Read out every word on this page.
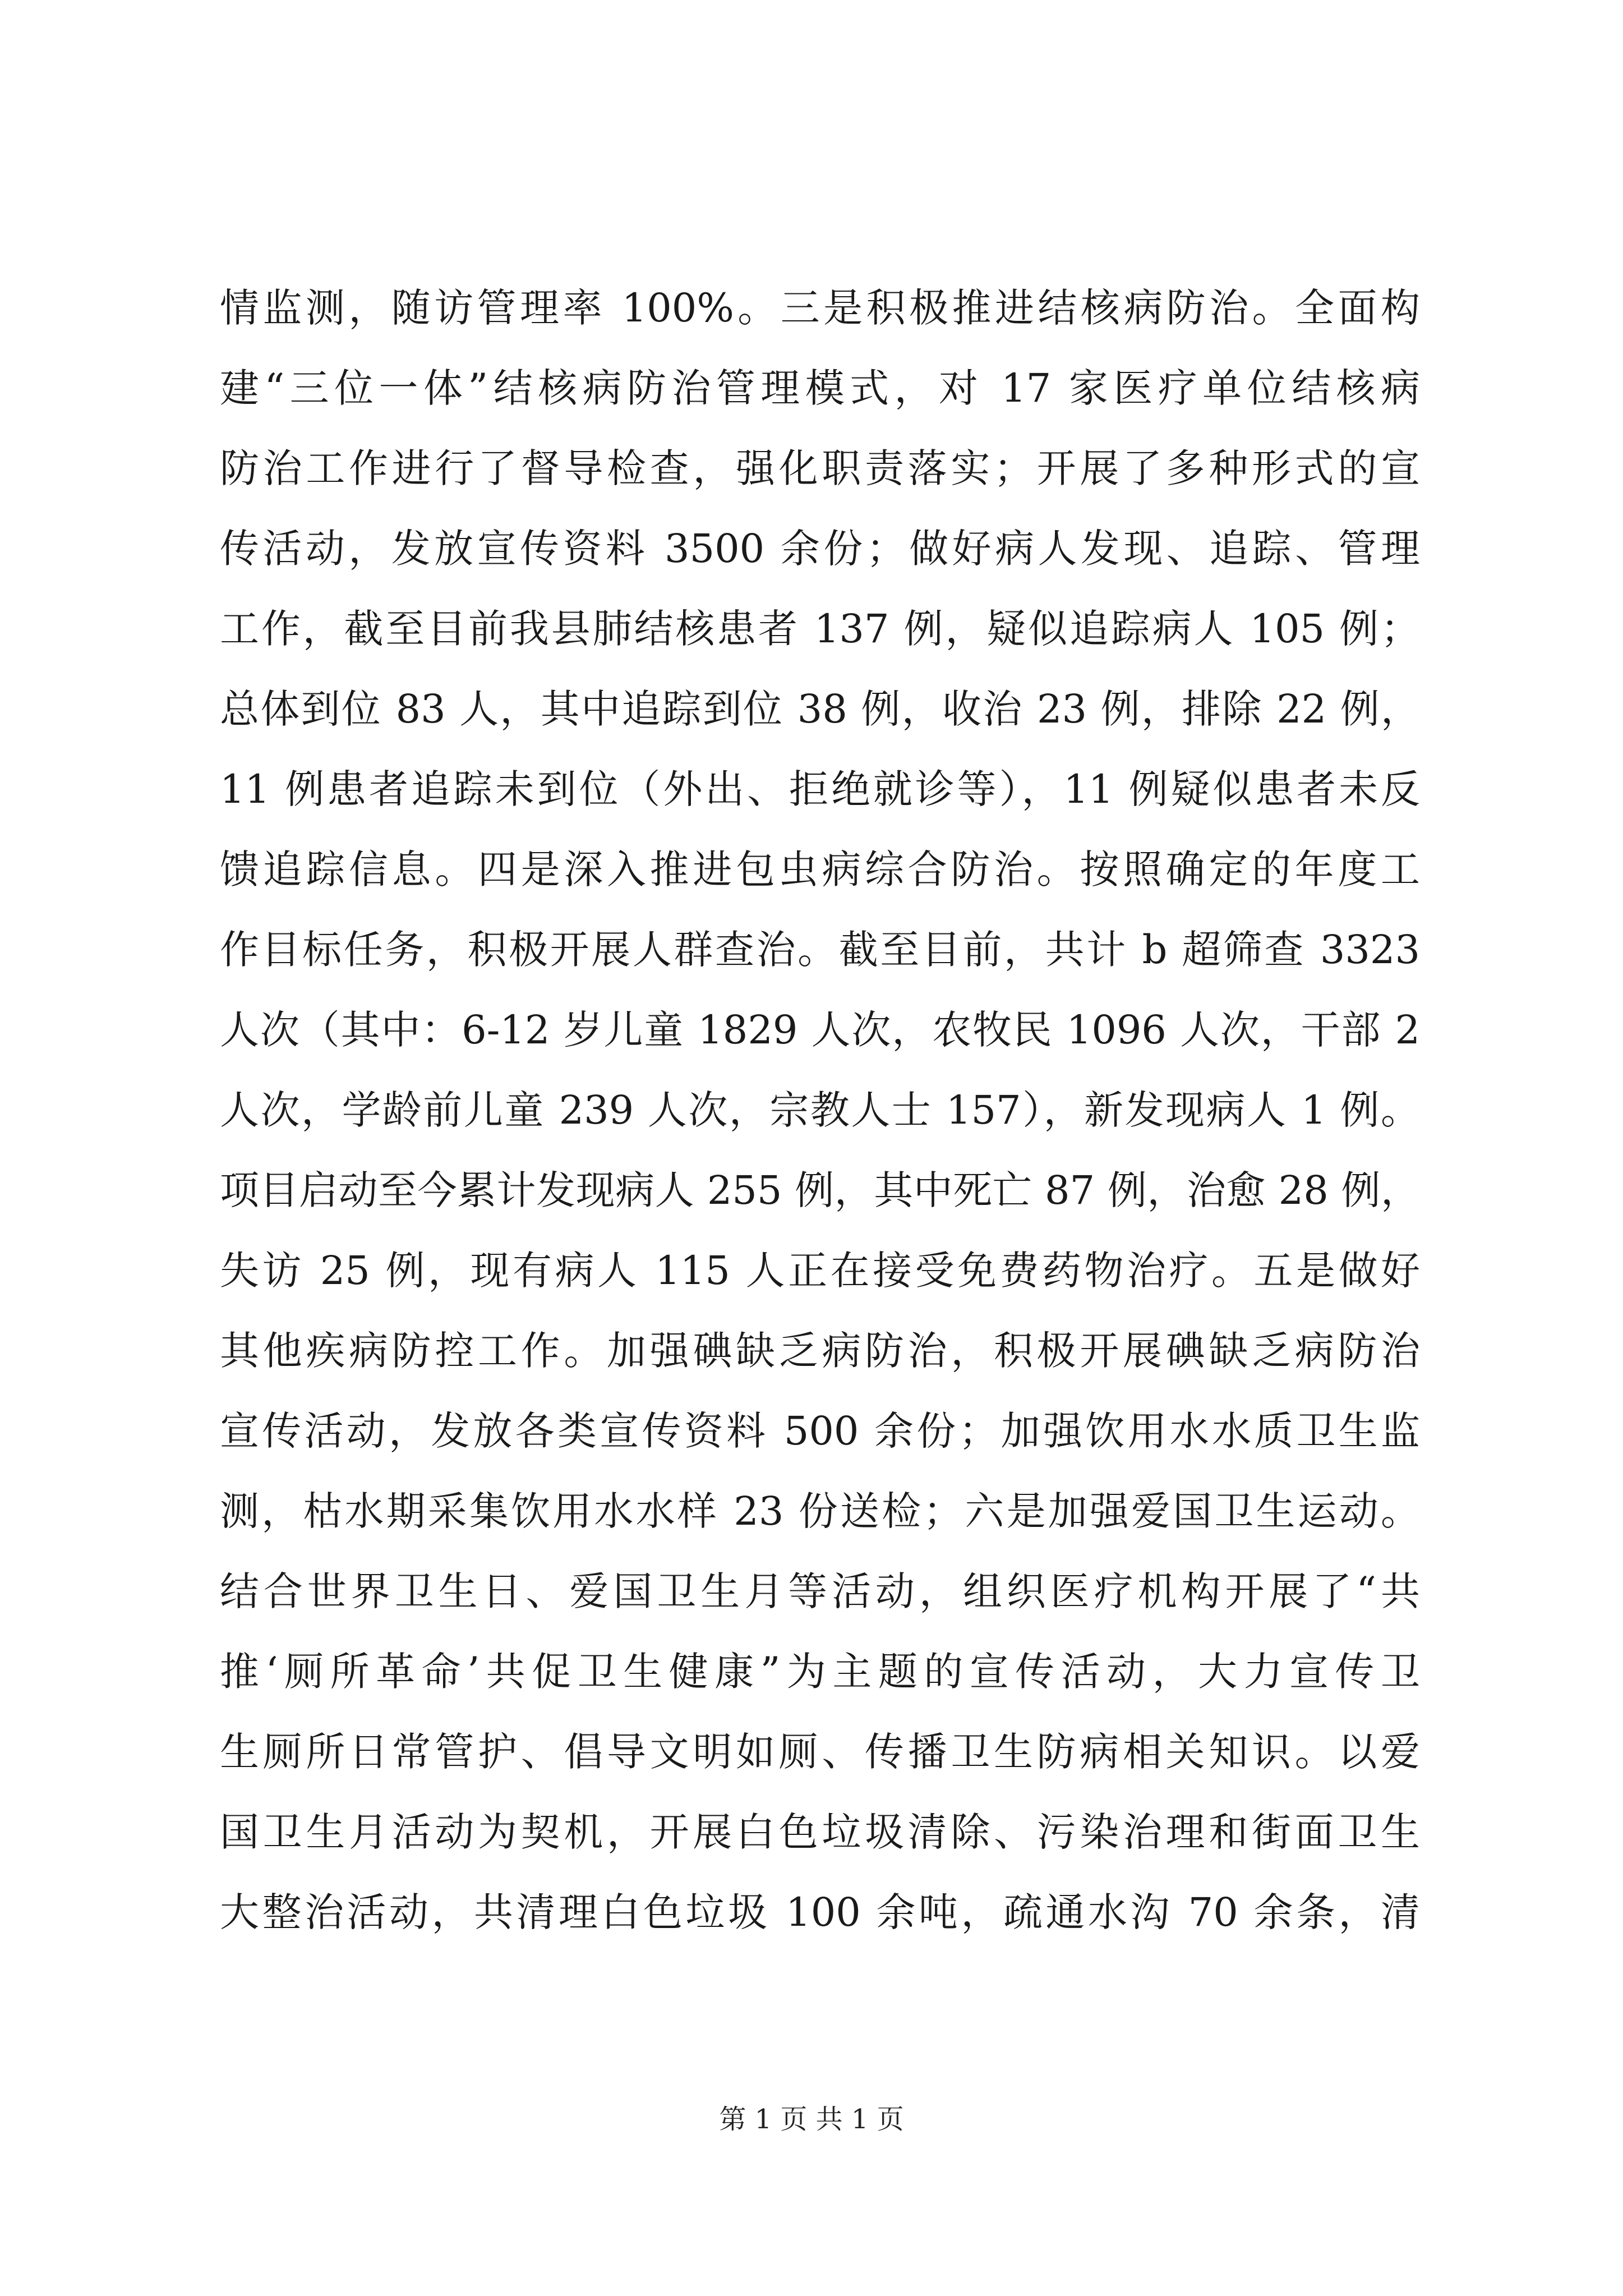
情监测，随访管理率 100%。三是积极推进结核病防治。全面构
建“三位一体”结核病防治管理模式，对 17 家医疗单位结核病
防治工作进行了督导检查，强化职责落实；开展了多种形式的宣
传活动，发放宣传资料 3500 余份；做好病人发现、追踪、管理
工作，截至目前我县肺结核患者 137 例，疑似追踪病人 105 例；
总体到位 83 人，其中追踪到位 38 例，收治 23 例，排除 22 例，
11 例患者追踪未到位（外出、拒绝就诊等），11 例疑似患者未反
馈追踪信息。四是深入推进包虫病综合防治。按照确定的年度工
作目标任务，积极开展人群查治。截至目前，共计 b 超筛查 3323
人次（其中：6-12 岁儿童 1829 人次，农牧民 1096 人次，干部 2
人次，学龄前儿童 239 人次，宗教人士 157），新发现病人 1 例。
项目启动至今累计发现病人 255 例，其中死亡 87 例，治愈 28 例，
失访 25 例，现有病人 115 人正在接受免费药物治疗。五是做好
其他疾病防控工作。加强碘缺乏病防治，积极开展碘缺乏病防治
宣传活动，发放各类宣传资料 500 余份；加强饮用水水质卫生监
测，枯水期采集饮用水水样 23 份送检；六是加强爱国卫生运动。
结合世界卫生日、爱国卫生月等活动，组织医疗机构开展了“共
推‘厕所革命’共促卫生健康”为主题的宣传活动，大力宣传卫
生厕所日常管护、倡导文明如厕、传播卫生防病相关知识。以爱
国卫生月活动为契机，开展白色垃圾清除、污染治理和街面卫生
大整治活动，共清理白色垃圾 100 余吨，疏通水沟 70 余条，清
第 1 页 共 1 页
